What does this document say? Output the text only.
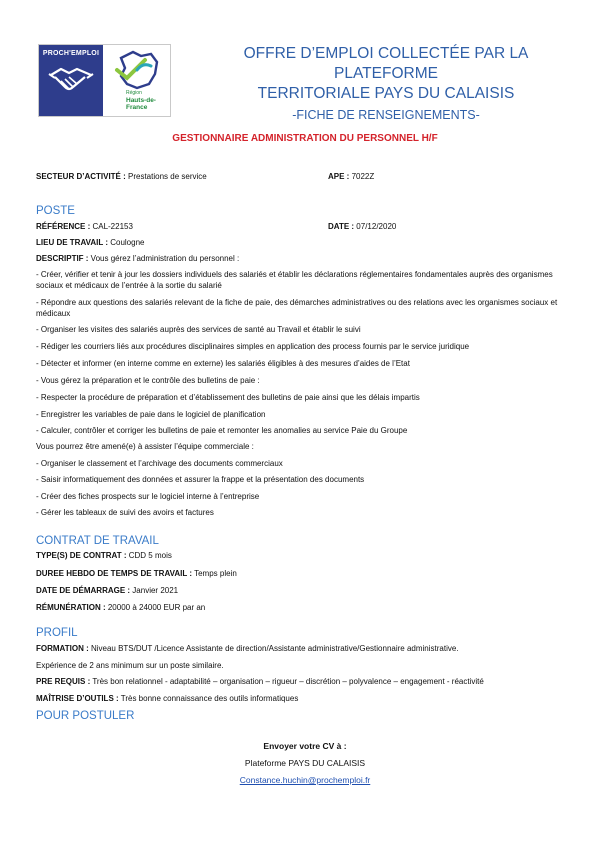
PROCH'EMPLOI
Région
Hauts-de-France
OFFRE D’EMPLOI COLLECTÉE PAR LA PLATEFORME
TERRITORIALE PAYS DU CALAISIS
-FICHE DE RENSEIGNEMENTS-
GESTIONNAIRE ADMINISTRATION DU PERSONNEL H/F
SECTEUR D’ACTIVITÉ : Prestations de service	APE : 7022Z
POSTE
RÉFÉRENCE : CAL-22153	DATE : 07/12/2020
LIEU DE TRAVAIL : Coulogne
DESCRIPTIF : Vous gérez l’administration du personnel :
- Créer, vérifier et tenir à jour les dossiers individuels des salariés et établir les déclarations réglementaires fondamentales auprès des organismes sociaux et médicaux de l’entrée à la sortie du salarié
- Répondre aux questions des salariés relevant de la fiche de paie, des démarches administratives ou des relations avec les organismes sociaux et médicaux
- Organiser les visites des salariés auprès des services de santé au Travail et établir le suivi
- Rédiger les courriers liés aux procédures disciplinaires simples en application des process fournis par le service juridique
- Détecter et informer (en interne comme en externe) les salariés éligibles à des mesures d’aides de l’Etat
- Vous gérez la préparation et le contrôle des bulletins de paie :
- Respecter la procédure de préparation et d’établissement des bulletins de paie ainsi que les délais impartis
- Enregistrer les variables de paie dans le logiciel de planification
- Calculer, contrôler et corriger les bulletins de paie et remonter les anomalies au service Paie du Groupe
Vous pourrez être amené(e) à assister l’équipe commerciale :
- Organiser le classement et l’archivage des documents commerciaux
- Saisir informatiquement des données et assurer la frappe et la présentation des documents
- Créer des fiches prospects sur le logiciel interne à l’entreprise
- Gérer les tableaux de suivi des avoirs et factures
CONTRAT DE TRAVAIL
TYPE(S) DE CONTRAT : CDD 5 mois
DUREE HEBDO DE TEMPS DE TRAVAIL : Temps plein
DATE DE DÉMARRAGE : Janvier 2021
RÉMUNÉRATION : 20000 à 24000 EUR par an
PROFIL
FORMATION : Niveau BTS/DUT /Licence Assistante de direction/Assistante administrative/Gestionnaire administrative.
Expérience de 2 ans minimum sur un poste similaire.
PRE REQUIS : Très bon relationnel - adaptabilité – organisation – rigueur – discrétion – polyvalence – engagement - réactivité
MAÎTRISE D’OUTILS : Très bonne connaissance des outils informatiques
POUR POSTULER
Envoyer votre CV à :
Plateforme PAYS DU CALAISIS
Constance.huchin@prochemploi.fr
